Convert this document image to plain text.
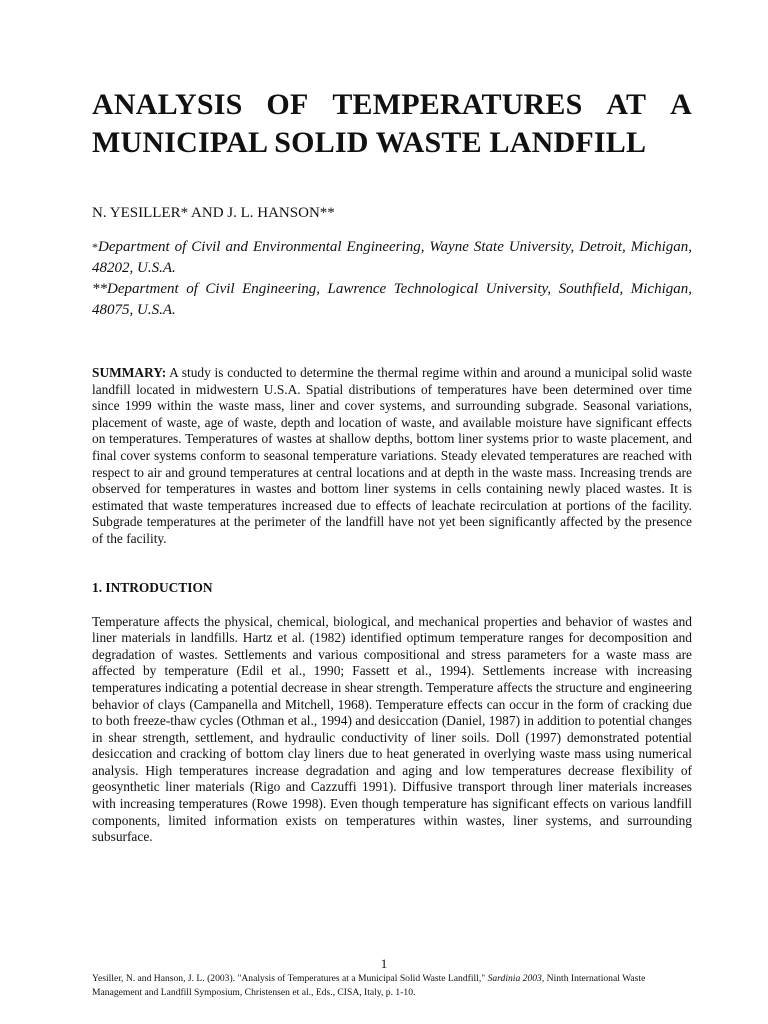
ANALYSIS OF TEMPERATURES AT A
MUNICIPAL SOLID WASTE LANDFILL
N. YESILLER* AND J. L. HANSON**

*Department of Civil and Environmental Engineering, Wayne State University, Detroit, Michigan, 48202, U.S.A.

**Department of Civil Engineering, Lawrence Technological University, Southfield, Michigan, 48075, U.S.A.

SUMMARY: A study is conducted to determine the thermal regime within and around a municipal solid waste landfill located in midwestern U.S.A. Spatial distributions of temperatures have been determined over time since 1999 within the waste mass, liner and cover systems, and surrounding subgrade. Seasonal variations, placement of waste, age of waste, depth and location of waste, and available moisture have significant effects on temperatures. Temperatures of wastes at shallow depths, bottom liner systems prior to waste placement, and final cover systems conform to seasonal temperature variations. Steady elevated temperatures are reached with respect to air and ground temperatures at central locations and at depth in the waste mass. Increasing trends are observed for temperatures in wastes and bottom liner systems in cells containing newly placed wastes. It is estimated that waste temperatures increased due to effects of leachate recirculation at portions of the facility. Subgrade temperatures at the perimeter of the landfill have not yet been significantly affected by the presence of the facility.
1. INTRODUCTION
Temperature affects the physical, chemical, biological, and mechanical properties and behavior of wastes and liner materials in landfills. Hartz et al. (1982) identified optimum temperature ranges for decomposition and degradation of wastes. Settlements and various compositional and stress parameters for a waste mass are affected by temperature (Edil et al., 1990; Fassett et al., 1994). Settlements increase with increasing temperatures indicating a potential decrease in shear strength. Temperature affects the structure and engineering behavior of clays (Campanella and Mitchell, 1968). Temperature effects can occur in the form of cracking due to both freeze-thaw cycles (Othman et al., 1994) and desiccation (Daniel, 1987) in addition to potential changes in shear strength, settlement, and hydraulic conductivity of liner soils. Doll (1997) demonstrated potential desiccation and cracking of bottom clay liners due to heat generated in overlying waste mass using numerical analysis. High temperatures increase degradation and aging and low temperatures decrease flexibility of geosynthetic liner materials (Rigo and Cazzuffi 1991). Diffusive transport through liner materials increases with increasing temperatures (Rowe 1998). Even though temperature has significant effects on various landfill components, limited information exists on temperatures within wastes, liner systems, and surrounding subsurface.
1
Yesiller, N. and Hanson, J. L. (2003). "Analysis of Temperatures at a Municipal Solid Waste Landfill," Sardinia 2003, Ninth International Waste Management and Landfill Symposium, Christensen et al., Eds., CISA, Italy, p. 1-10.
